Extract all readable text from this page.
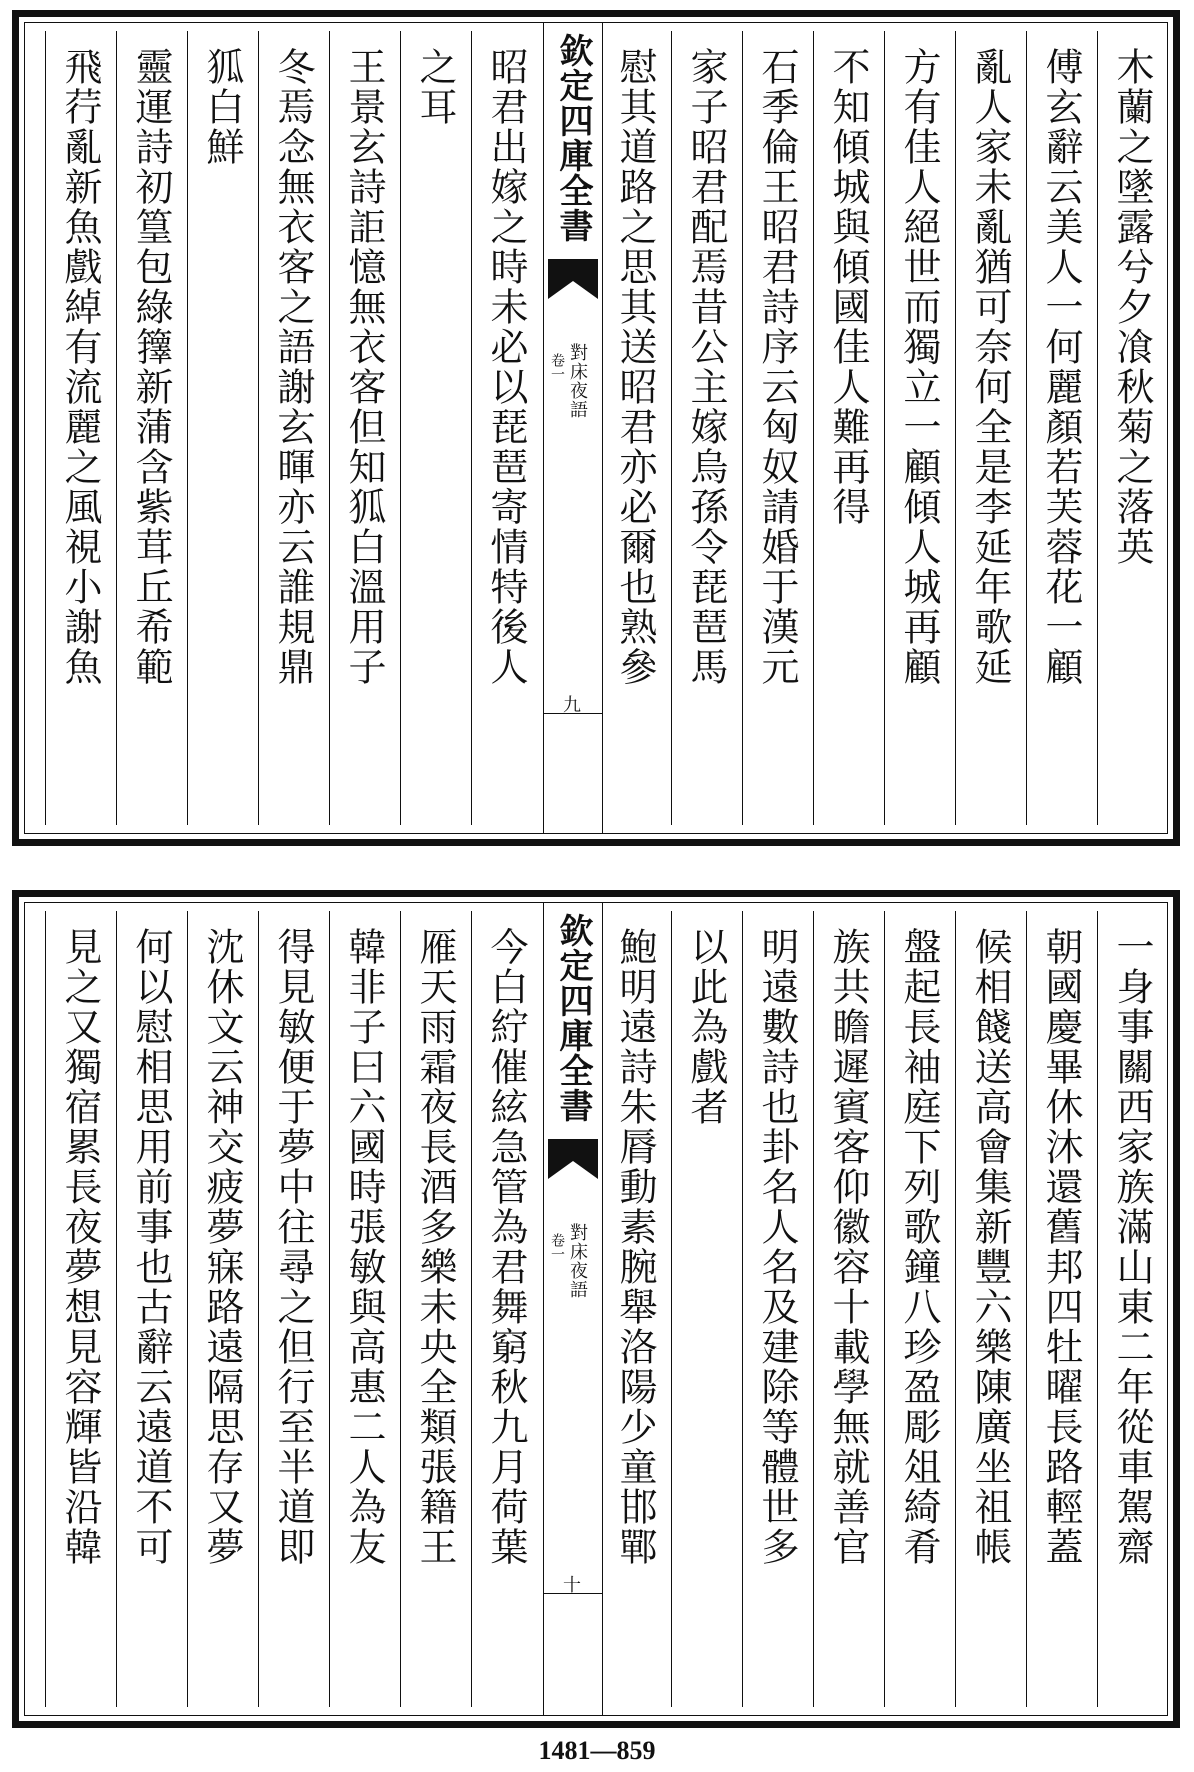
木蘭之墜露兮夕飡秋菊之落英
傅玄辭云美人一何麗顏若芙蓉花一顧
亂人家未亂猶可奈何全是李延年歌延
方有佳人絕世而獨立一顧傾人城再顧
不知傾城與傾國佳人難再得
石季倫王昭君詩序云匈奴請婚于漢元
家子昭君配焉昔公主嫁烏孫令琵琶馬
慰其道路之思其送昭君亦必爾也熟參
欽定四庫全書
對床夜語
卷一
九
昭君出嫁之時未必以琵琶寄情特後人
之耳
王景玄詩詎憶無衣客但知狐白溫用子
冬焉念無衣客之語謝玄暉亦云誰規鼎
狐白鮮
靈運詩初篁包綠籜新蒲含紫茸丘希範
飛荇亂新魚戲綽有流麗之風視小謝魚
一身事關西家族滿山東二年從車駕齋
朝國慶畢休沐還舊邦四牡曜長路輕蓋
候相餞送高會集新豐六樂陳廣坐祖帳
盤起長袖庭下列歌鐘八珍盈彫俎綺肴
族共瞻遲賓客仰徽容十載學無就善官
明遠數詩也卦名人名及建除等體世多
以此為戲者
鮑明遠詩朱脣動素腕舉洛陽少童邯鄲
欽定四庫全書
對床夜語
卷一
十
今白紵催絃急管為君舞窮秋九月荷葉
雁天雨霜夜長酒多樂未央全類張籍王
韓非子曰六國時張敏與高惠二人為友
得見敏便于夢中往尋之但行至半道即
沈休文云神交疲夢寐路遠隔思存又夢
何以慰相思用前事也古辭云遠道不可
見之又獨宿累長夜夢想見容輝皆沿韓
1481—859
